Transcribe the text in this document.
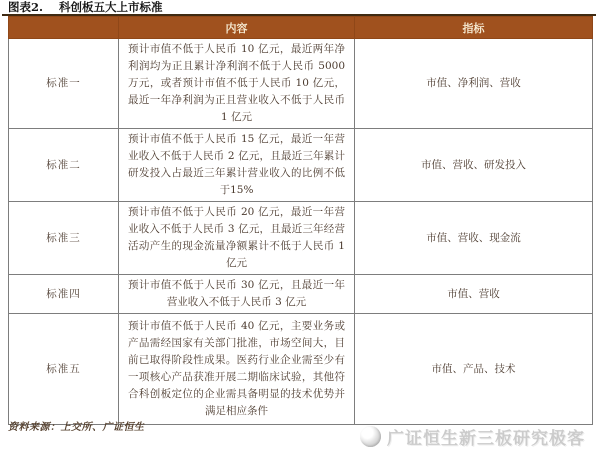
图表2. 科创板五大上市标准
	内容	指标
标准一	预计市值不低于人民币 10 亿元，最近两年净利润均为正且累计净利润不低于人民币 5000 万元，或者预计市值不低于人民币 10 亿元，最近一年净利润为正且营业收入不低于人民币 1 亿元	市值、净利润、营收
标准二	预计市值不低于人民币 15 亿元，最近一年营业收入不低于人民币 2 亿元，且最近三年累计研发投入占最近三年累计营业收入的比例不低于15%	市值、营收、研发投入
标准三	预计市值不低于人民币 20 亿元，最近一年营业收入不低于人民币 3 亿元，且最近三年经营活动产生的现金流量净额累计不低于人民币 1 亿元	市值、营收、现金流
标准四	预计市值不低于人民币 30 亿元，且最近一年营业收入不低于人民币 3 亿元	市值、营收
标准五	预计市值不低于人民币 40 亿元，主要业务或产品需经国家有关部门批准，市场空间大，目前已取得阶段性成果。医药行业企业需至少有一项核心产品获准开展二期临床试验，其他符合科创板定位的企业需具备明显的技术优势并满足相应条件	市值、产品、技术
资料来源：上交所、广证恒生
广证恒生新三板研究极客
